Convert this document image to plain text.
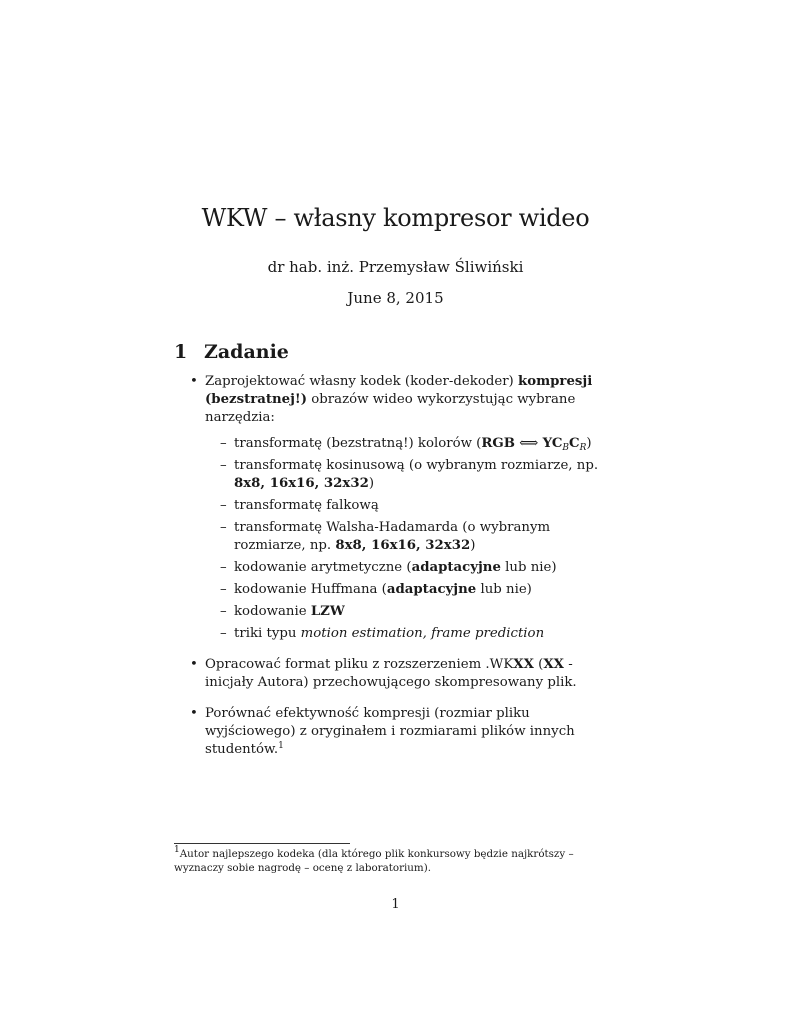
WKW – własny kompresor wideo
dr hab. inż. Przemysław Śliwiński
June 8, 2015
1 Zadanie
• Zaprojektować własny kodek (koder-dekoder) kompresji (bezstratnej!) obrazów wideo wykorzystując wybrane narzędzia:
– transformatę (bezstratną!) kolorów (RGB ⟺ $YC_BC_R$)
– transformatę kosinusową (o wybranym rozmiarze, np. 8x8, 16x16, 32x32)
– transformatę falkową
– transformatę Walsha-Hadamarda (o wybranym rozmiarze, np. 8x8, 16x16, 32x32)
– kodowanie arytmetyczne (adaptacyjne lub nie)
– kodowanie Huffmana (adaptacyjne lub nie)
– kodowanie LZW
– triki typu motion estimation, frame prediction
• Opracować format pliku z rozszerzeniem .WKXX (XX - inicjały Autora) przechowującego skompresowany plik.
• Porównać efektywność kompresji (rozmiar pliku wyjściowego) z oryginałem i rozmiarami plików innych studentów.$^1$
$^1$Autor najlepszego kodeka (dla którego plik konkursowy będzie najkrótszy – wyznaczy sobie nagrodę – ocenę z laboratorium).
1
